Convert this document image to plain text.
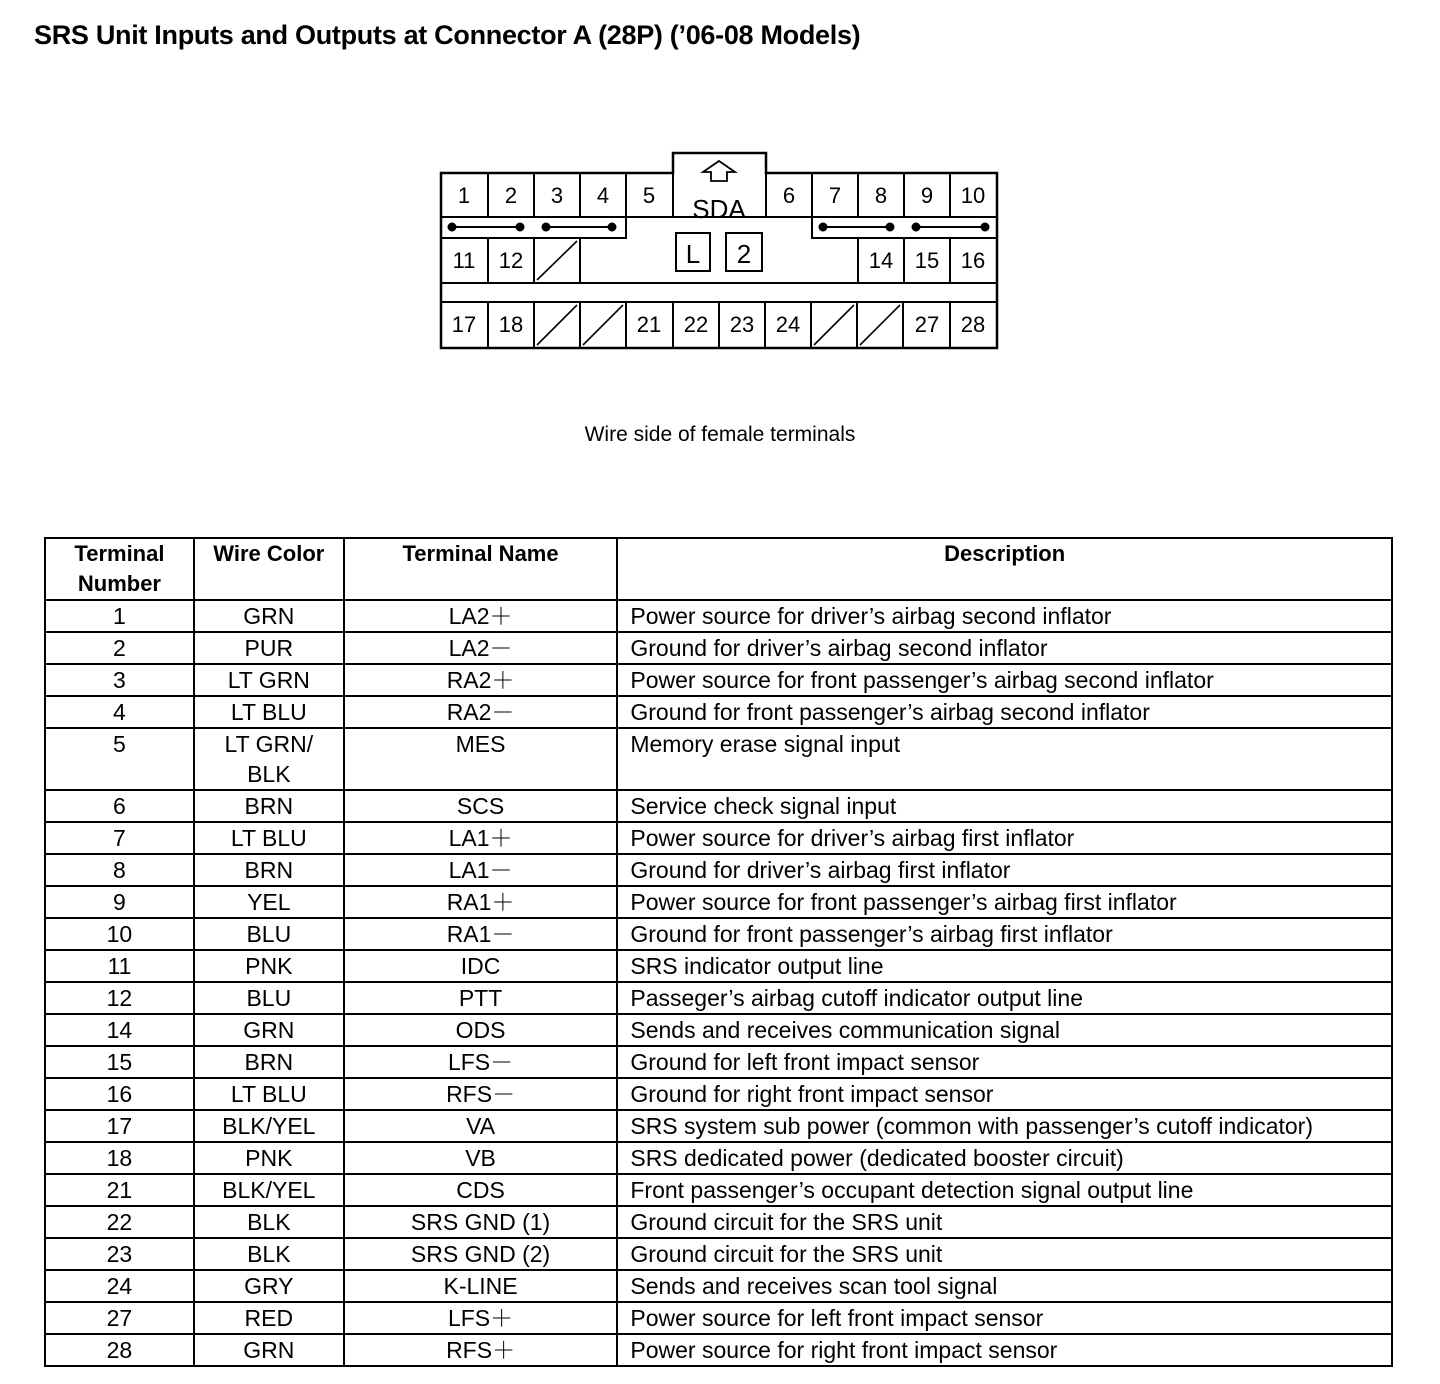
SRS Unit Inputs and Outputs at Connector A (28P) (’06-08 Models)
SDA
L 2
1 2 3 4 5	6 7 8 9 10
11 12	14 15 16
17 18	21 22 23 24	27 28
Wire side of female terminals
Terminal Number	Wire Color	Terminal Name	Description
1	GRN	LA2＋	Power source for driver’s airbag second inflator
2	PUR	LA2－	Ground for driver’s airbag second inflator
3	LT GRN	RA2＋	Power source for front passenger’s airbag second inflator
4	LT BLU	RA2－	Ground for front passenger’s airbag second inflator
5	LT GRN/ BLK	MES	Memory erase signal input
6	BRN	SCS	Service check signal input
7	LT BLU	LA1＋	Power source for driver’s airbag first inflator
8	BRN	LA1－	Ground for driver’s airbag first inflator
9	YEL	RA1＋	Power source for front passenger’s airbag first inflator
10	BLU	RA1－	Ground for front passenger’s airbag first inflator
11	PNK	IDC	SRS indicator output line
12	BLU	PTT	Passeger’s airbag cutoff indicator output line
14	GRN	ODS	Sends and receives communication signal
15	BRN	LFS－	Ground for left front impact sensor
16	LT BLU	RFS－	Ground for right front impact sensor
17	BLK/YEL	VA	SRS system sub power (common with passenger’s cutoff indicator)
18	PNK	VB	SRS dedicated power (dedicated booster circuit)
21	BLK/YEL	CDS	Front passenger’s occupant detection signal output line
22	BLK	SRS GND (1)	Ground circuit for the SRS unit
23	BLK	SRS GND (2)	Ground circuit for the SRS unit
24	GRY	K-LINE	Sends and receives scan tool signal
27	RED	LFS＋	Power source for left front impact sensor
28	GRN	RFS＋	Power source for right front impact sensor
